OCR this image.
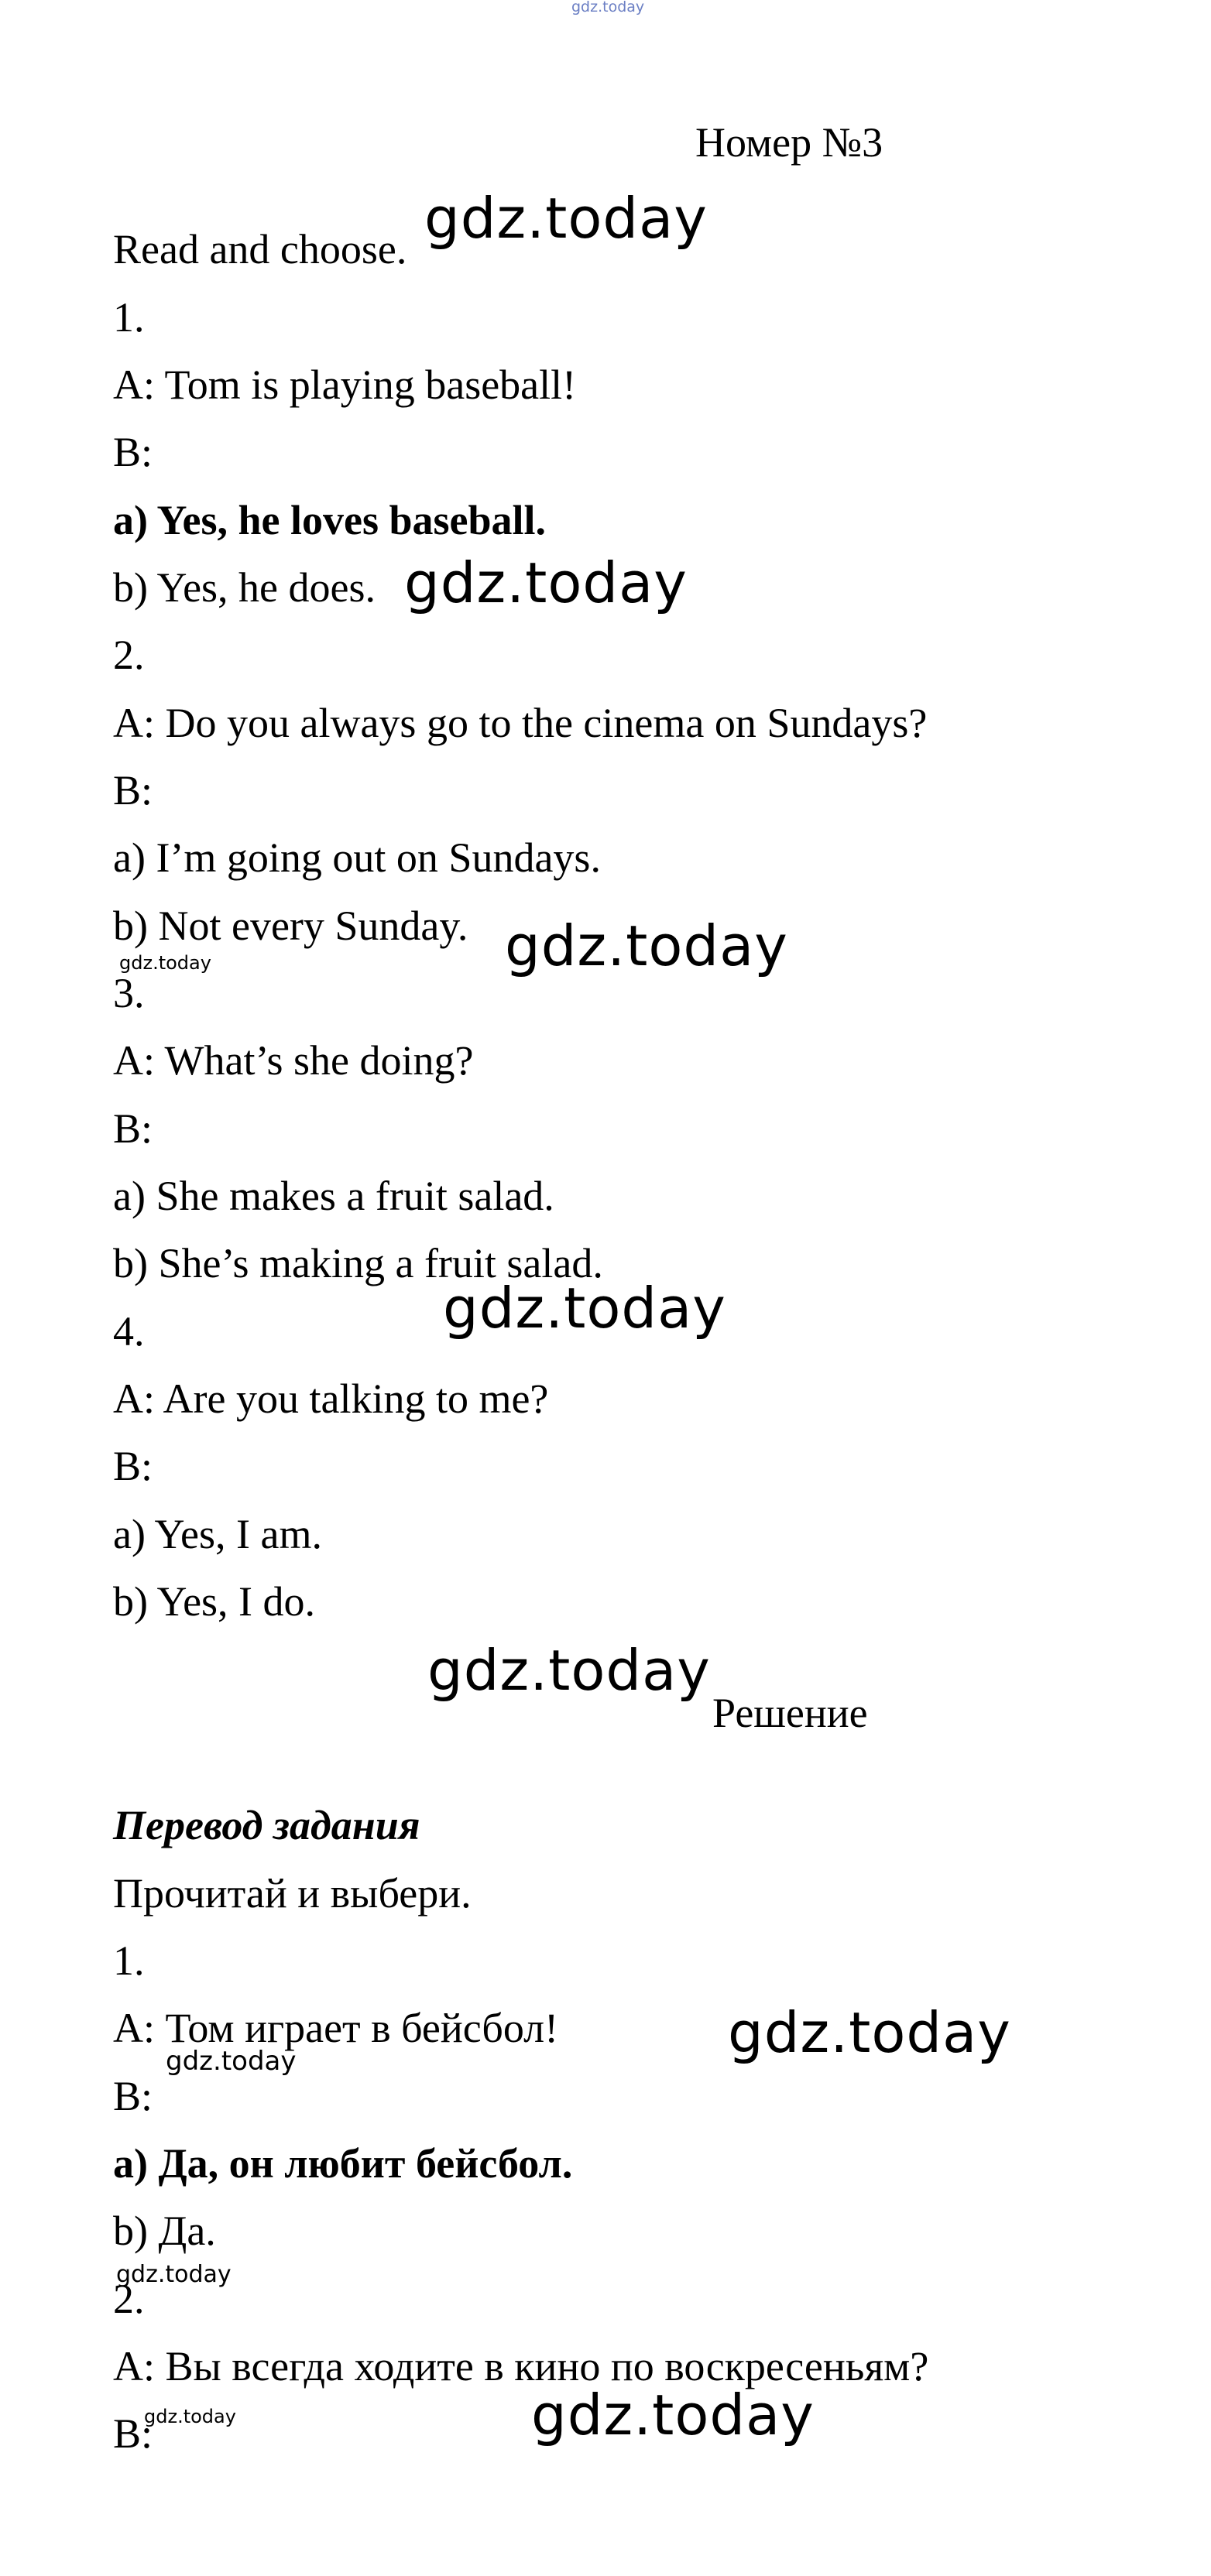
gdz.today
Номер №3
Read and choose.
1.
A: Tom is playing baseball!
B:
a) Yes, he loves baseball.
b) Yes, he does.
2.
A: Do you always go to the cinema on Sundays?
B:
a) I’m going out on Sundays.
b) Not every Sunday.
3.
A: What’s she doing?
B:
a) She makes a fruit salad.
b) She’s making a fruit salad.
4.
A: Are you talking to me?
B:
a) Yes, I am.
b) Yes, I do.
Решение
Перевод задания
Прочитай и выбери.
1.
A: Том играет в бейсбол!
B:
a) Да, он любит бейсбол.
b) Да.
2.
A: Вы всегда ходите в кино по воскресеньям?
B:
gdz.today
gdz.today
gdz.today
gdz.today
gdz.today
gdz.today
gdz.today
gdz.today
gdz.today
gdz.today
gdz.today
